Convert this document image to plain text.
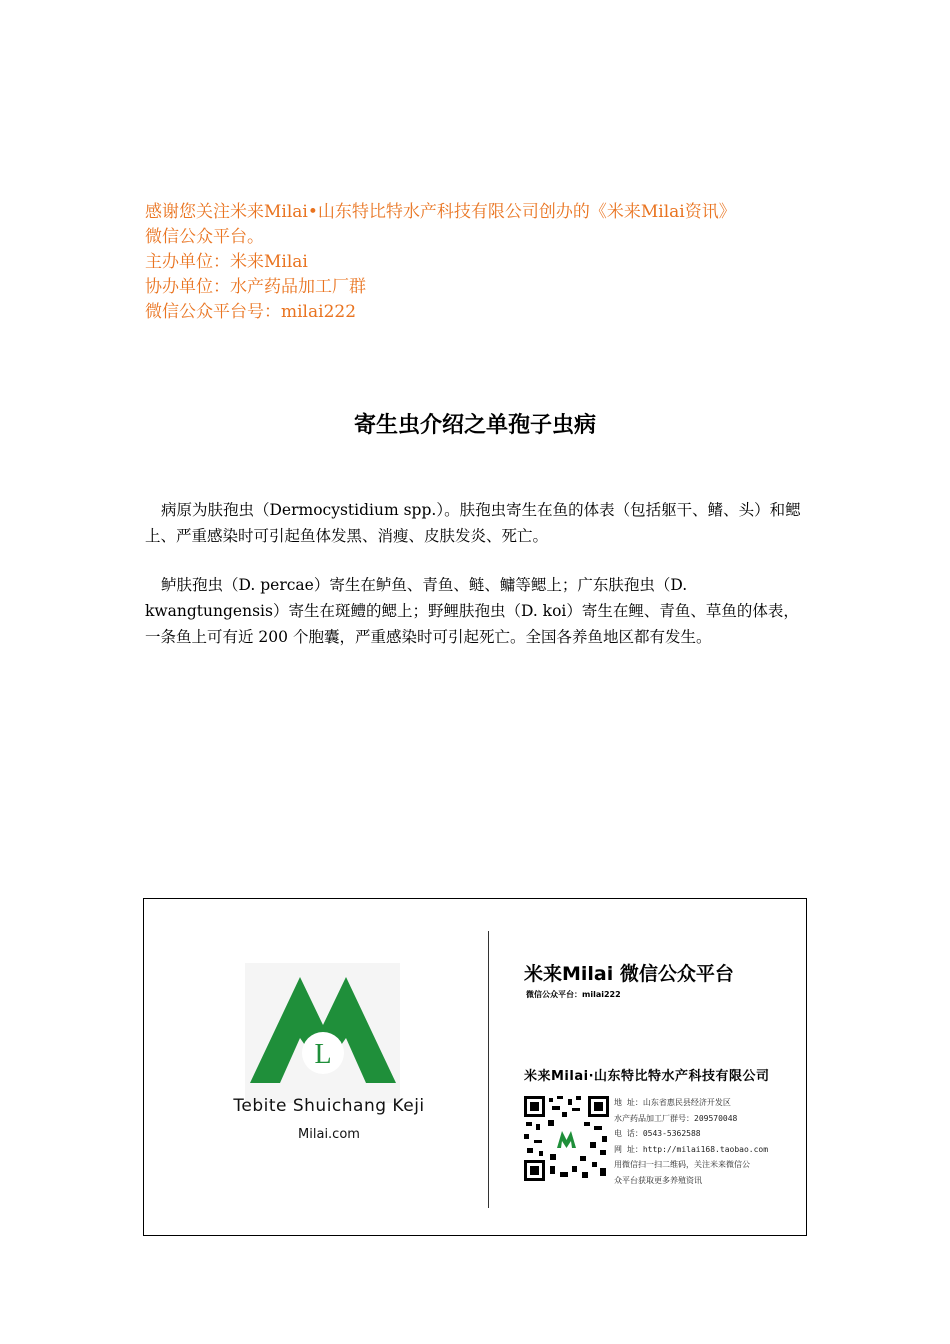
感谢您关注米来Milai•山东特比特水产科技有限公司创办的《米来Milai资讯》
微信公众平台。
主办单位：米来Milai
协办单位：水产药品加工厂群
微信公众平台号：milai222
寄生虫介绍之单孢子虫病
病原为肤孢虫（Dermocystidium spp.）。肤孢虫寄生在鱼的体表（包括躯干、鳍、头）和鳃上、严重感染时可引起鱼体发黑、消瘦、皮肤发炎、死亡。
鲈肤孢虫（D. percae）寄生在鲈鱼、青鱼、鲢、鳙等鳃上；广东肤孢虫（D. kwangtungensis）寄生在斑鳢的鳃上；野鲤肤孢虫（D. koi）寄生在鲤、青鱼、草鱼的体表，一条鱼上可有近 200 个胞囊，严重感染时可引起死亡。全国各养鱼地区都有发生。
L
Tebite Shuichang Keji
Milai.com
米来Milai 微信公众平台
微信公众平台：milai222
米来Milai·山东特比特水产科技有限公司
地 址：山东省惠民县经济开发区
水产药品加工厂群号：209570048
电 话：0543-5362588
网 址：http://milai168.taobao.com
用微信扫一扫二维码，关注米来微信公
众平台获取更多养殖资讯
